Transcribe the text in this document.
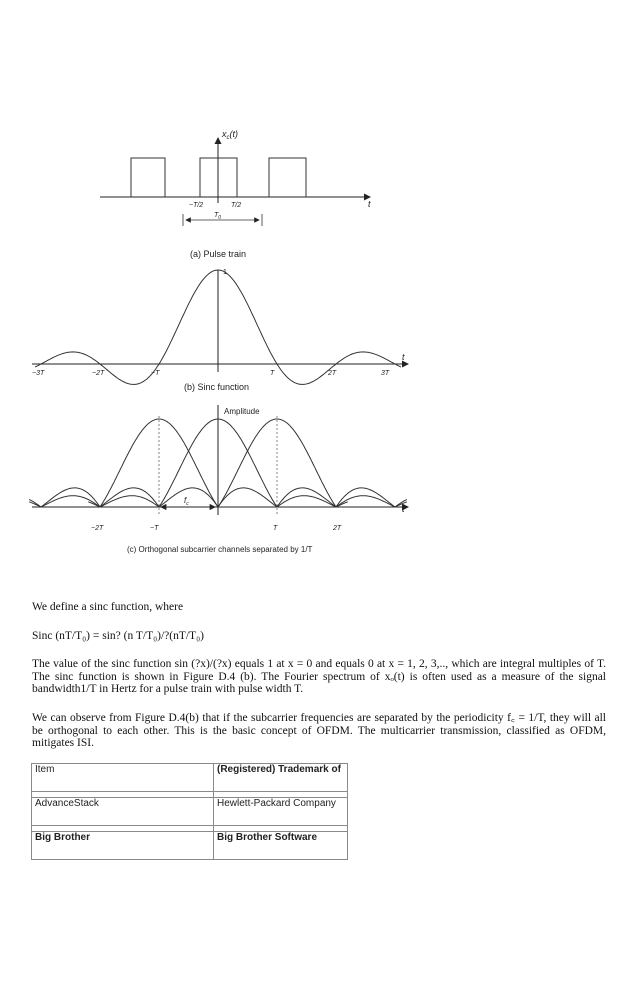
$x_c(t)$
t
−T/2	T/2
$T_0$
(a) Pulse train
1
t
−3T	−2T	−T	T	2T	3T
(b) Sinc function
Amplitude
$f_c$	t
−2T	−T	T	2T
(c) Orthogonal subcarrier channels separated by 1/T

We define a sinc function, where

Sinc (nT/T₀) = sin? (n T/T₀)/?(nT/T₀)

The value of the sinc function sin (?x)/(?x) equals 1 at x = 0 and equals 0 at x = 1, 2, 3,.., which are integral multiples of T. The sinc function is shown in Figure D.4 (b). The Fourier spectrum of xₒ(t) is often used as a measure of the signal bandwidth1/T in Hertz for a pulse train with pulse width T.

We can observe from Figure D.4(b) that if the subcarrier frequencies are separated by the periodicity f꜀ = 1/T, they will all be orthogonal to each other. This is the basic concept of OFDM. The multicarrier transmission, classified as OFDM, mitigates ISI.

Item	(Registered) Trademark of

AdvanceStack	Hewlett-Packard Company

Big Brother	Big Brother Software
